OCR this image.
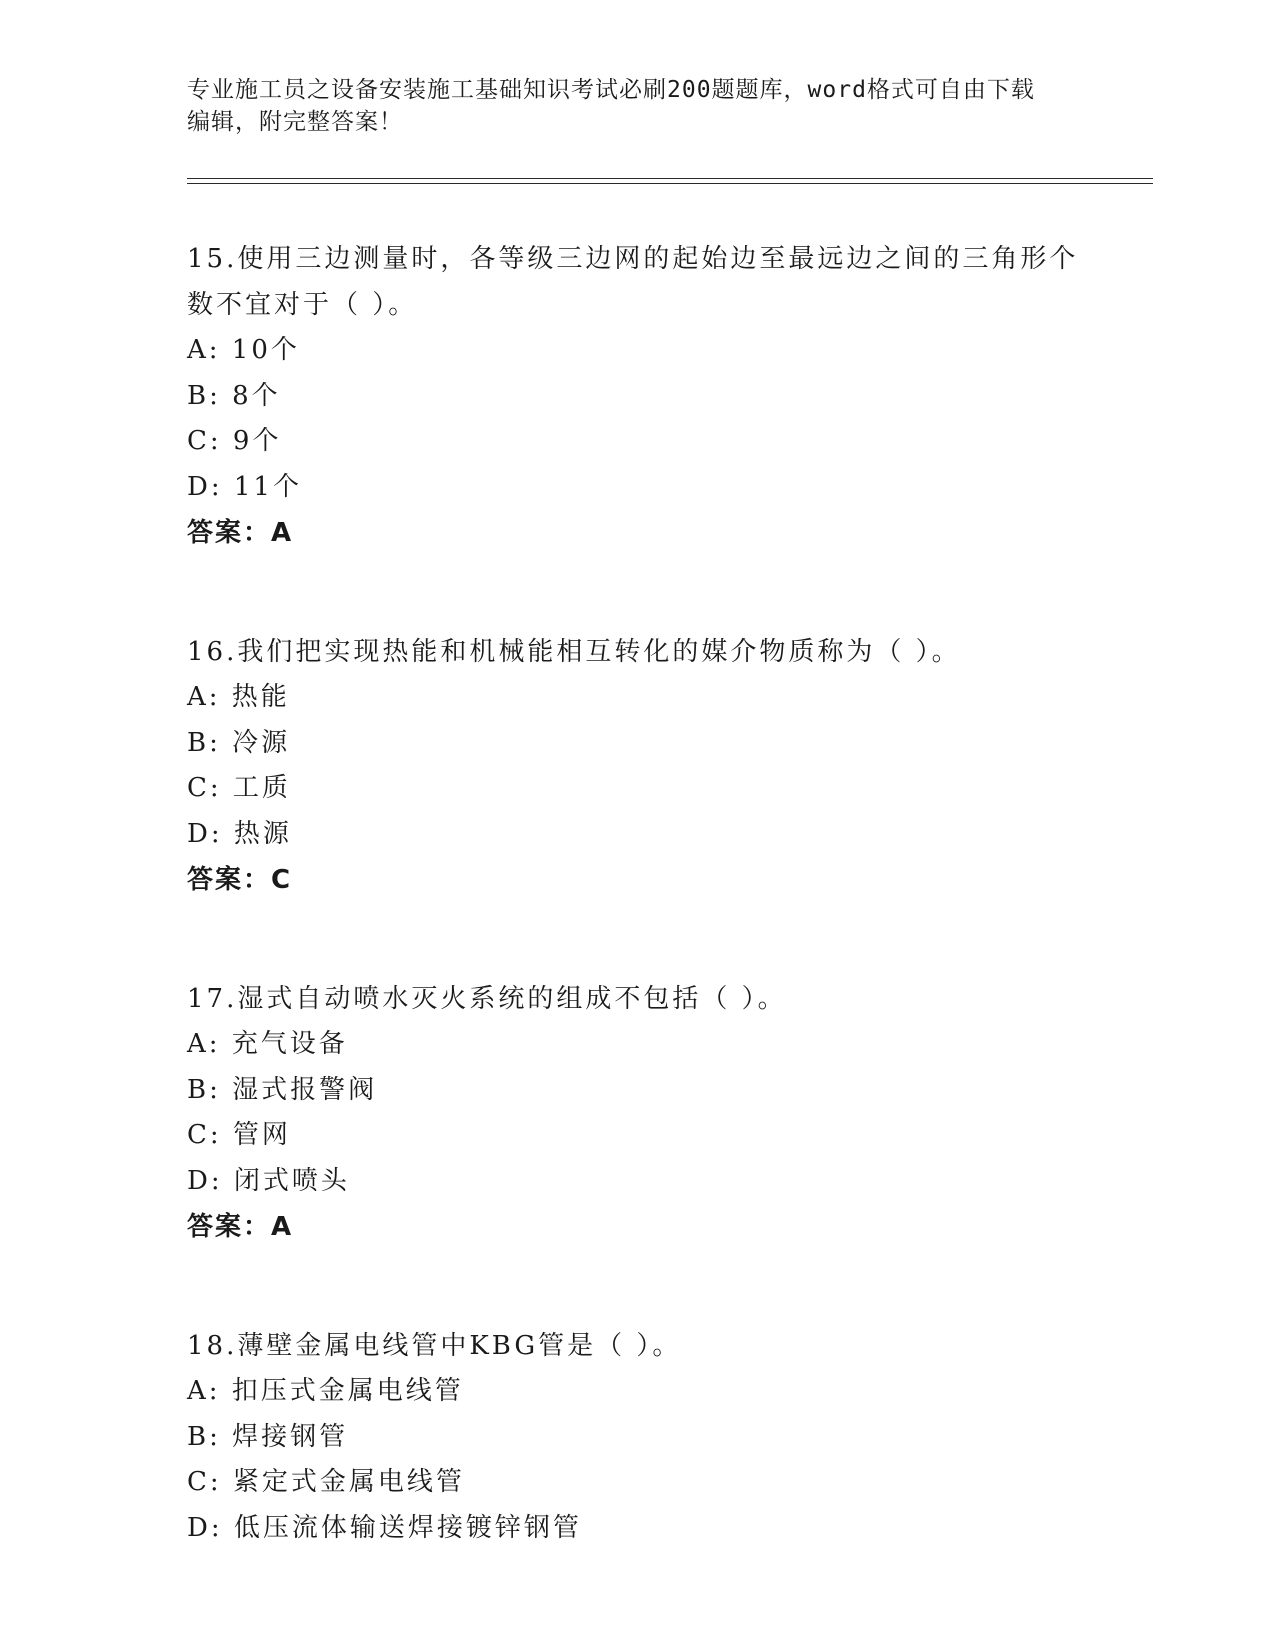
专业施工员之设备安装施工基础知识考试必刷200题题库，word格式可自由下载
编辑，附完整答案！
15.使用三边测量时，各等级三边网的起始边至最远边之间的三角形个
数不宜对于（ ）。
A: 10个
B: 8个
C: 9个
D: 11个
答案：A
16.我们把实现热能和机械能相互转化的媒介物质称为（ ）。
A: 热能
B: 冷源
C: 工质
D: 热源
答案：C
17.湿式自动喷水灭火系统的组成不包括（ ）。
A: 充气设备
B: 湿式报警阀
C: 管网
D: 闭式喷头
答案：A
18.薄壁金属电线管中KBG管是（ ）。
A: 扣压式金属电线管
B: 焊接钢管
C: 紧定式金属电线管
D: 低压流体输送焊接镀锌钢管
